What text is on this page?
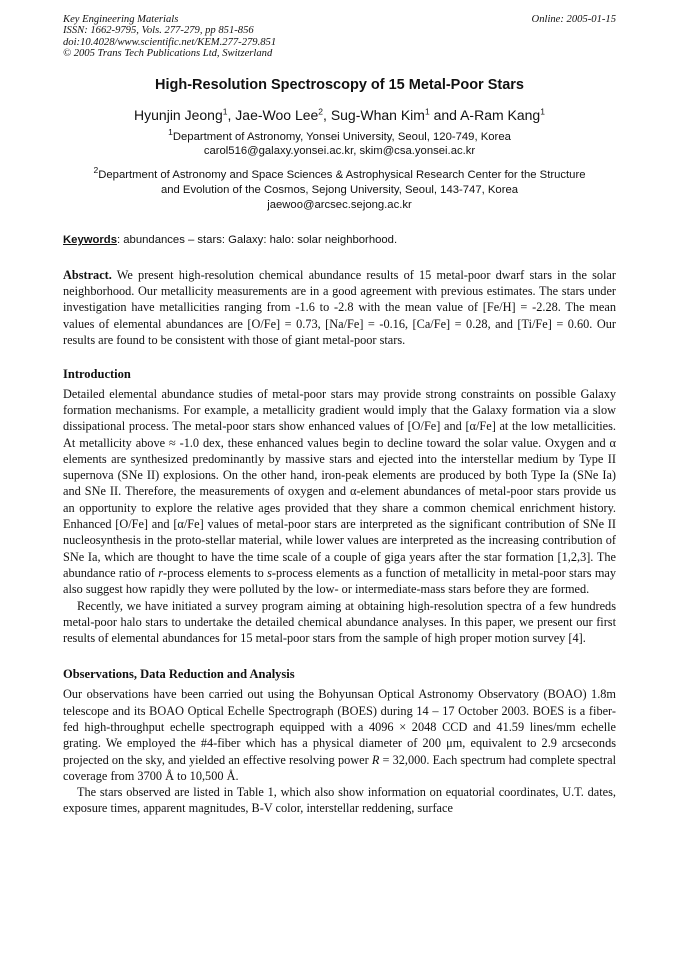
Key Engineering Materials
ISSN: 1662-9795, Vols. 277-279, pp 851-856
doi:10.4028/www.scientific.net/KEM.277-279.851
© 2005 Trans Tech Publications Ltd, Switzerland
Online: 2005-01-15
High-Resolution Spectroscopy of 15 Metal-Poor Stars
Hyunjin Jeong$^1$, Jae-Woo Lee$^2$, Sug-Whan Kim$^1$ and A-Ram Kang$^1$
$^1$Department of Astronomy, Yonsei University, Seoul, 120-749, Korea
carol516@galaxy.yonsei.ac.kr, skim@csa.yonsei.ac.kr
$^2$Department of Astronomy and Space Sciences & Astrophysical Research Center for the Structure
and Evolution of the Cosmos, Sejong University, Seoul, 143-747, Korea
jaewoo@arcsec.sejong.ac.kr
Keywords: abundances – stars: Galaxy: halo: solar neighborhood.
Abstract. We present high-resolution chemical abundance results of 15 metal-poor dwarf stars in the solar neighborhood. Our metallicity measurements are in a good agreement with previous estimates. The stars under investigation have metallicities ranging from -1.6 to -2.8 with the mean value of [Fe/H] = -2.28. The mean values of elemental abundances are [O/Fe] = 0.73, [Na/Fe] = -0.16, [Ca/Fe] = 0.28, and [Ti/Fe] = 0.60. Our results are found to be consistent with those of giant metal-poor stars.
Introduction

Detailed elemental abundance studies of metal-poor stars may provide strong constraints on possible Galaxy formation mechanisms. For example, a metallicity gradient would imply that the Galaxy formation via a slow dissipational process. The metal-poor stars show enhanced values of [O/Fe] and [α/Fe] at the low metallicities. At metallicity above ≈ -1.0 dex, these enhanced values begin to decline toward the solar value. Oxygen and α elements are synthesized predominantly by massive stars and ejected into the interstellar medium by Type II supernova (SNe II) explosions. On the other hand, iron-peak elements are produced by both Type Ia (SNe Ia) and SNe II. Therefore, the measurements of oxygen and α-element abundances of metal-poor stars provide us an opportunity to explore the relative ages provided that they share a common chemical enrichment history. Enhanced [O/Fe] and [α/Fe] values of metal-poor stars are interpreted as the significant contribution of SNe II nucleosynthesis in the proto-stellar material, while lower values are interpreted as the increasing contribution of SNe Ia, which are thought to have the time scale of a couple of giga years after the star formation [1,2,3]. The abundance ratio of r-process elements to s-process elements as a function of metallicity in metal-poor stars may also suggest how rapidly they were polluted by the low- or intermediate-mass stars before they are formed.

Recently, we have initiated a survey program aiming at obtaining high-resolution spectra of a few hundreds metal-poor halo stars to undertake the detailed chemical abundance analyses. In this paper, we present our first results of elemental abundances for 15 metal-poor stars from the sample of high proper motion survey [4].

Observations, Data Reduction and Analysis

Our observations have been carried out using the Bohyunsan Optical Astronomy Observatory (BOAO) 1.8m telescope and its BOAO Optical Echelle Spectrograph (BOES) during 14 – 17 October 2003. BOES is a fiber-fed high-throughput echelle spectrograph equipped with a 4096 × 2048 CCD and 41.59 lines/mm echelle grating. We employed the #4-fiber which has a physical diameter of 200 μm, equivalent to 2.9 arcseconds projected on the sky, and yielded an effective resolving power R = 32,000. Each spectrum had complete spectral coverage from 3700 Å to 10,500 Å.

The stars observed are listed in Table 1, which also show information on equatorial coordinates, U.T. dates, exposure times, apparent magnitudes, B-V color, interstellar reddening, surface
